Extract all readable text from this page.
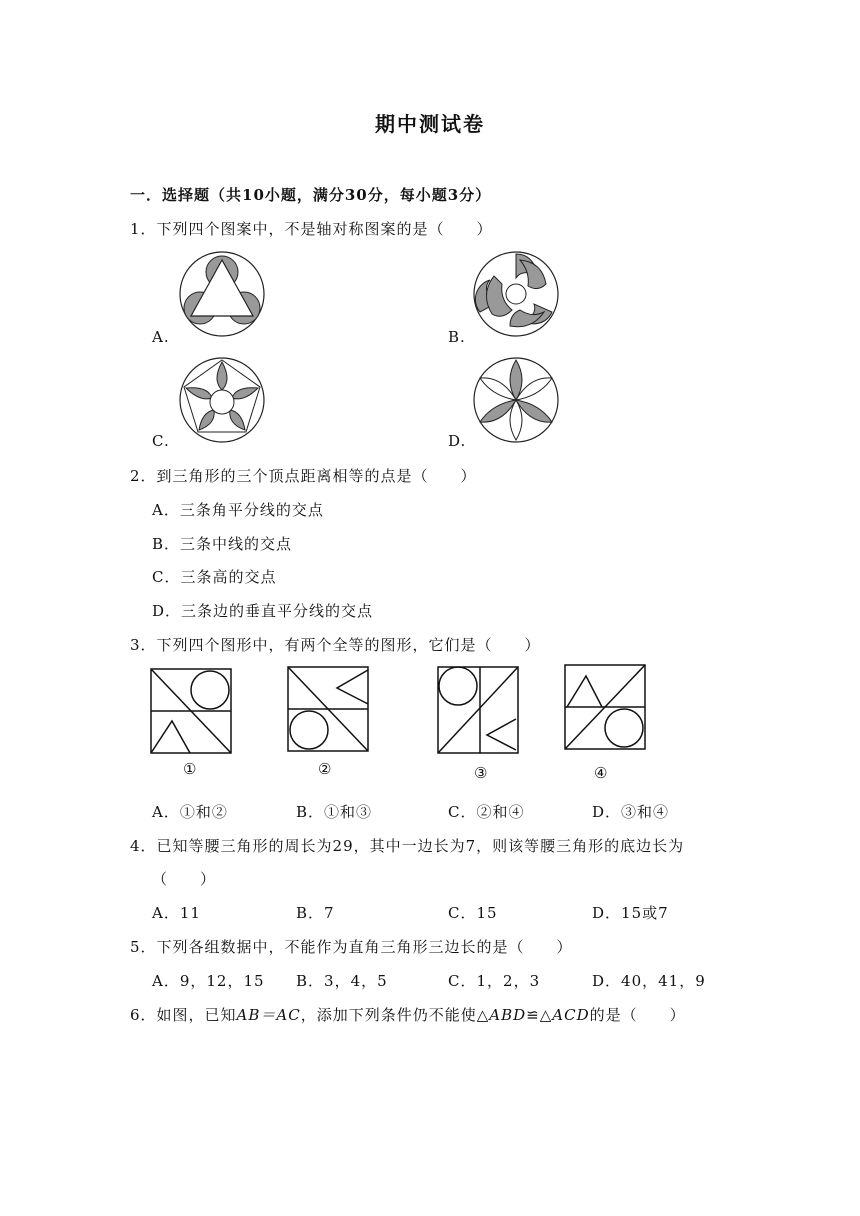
期中测试卷
一．选择题（共10小题，满分30分，每小题3分）
1．下列四个图案中，不是轴对称图案的是（　　）
A.	B.
C.	D.
2．到三角形的三个顶点距离相等的点是（　　）
A．三条角平分线的交点
B．三条中线的交点
C．三条高的交点
D．三条边的垂直平分线的交点
3．下列四个图形中，有两个全等的图形，它们是（　　）
①	②	③	④
A．①和②	B．①和③	C．②和④	D．③和④
4．已知等腰三角形的周长为29，其中一边长为7，则该等腰三角形的底边长为
（　　）
A．11	B．7	C．15	D．15或7
5．下列各组数据中，不能作为直角三角形三边长的是（　　）
A．9，12，15 B．3，4，5	C．1，2，3	D．40，41，9
6．如图，已知AB＝AC，添加下列条件仍不能使△ABD≌△ACD的是（　　）
